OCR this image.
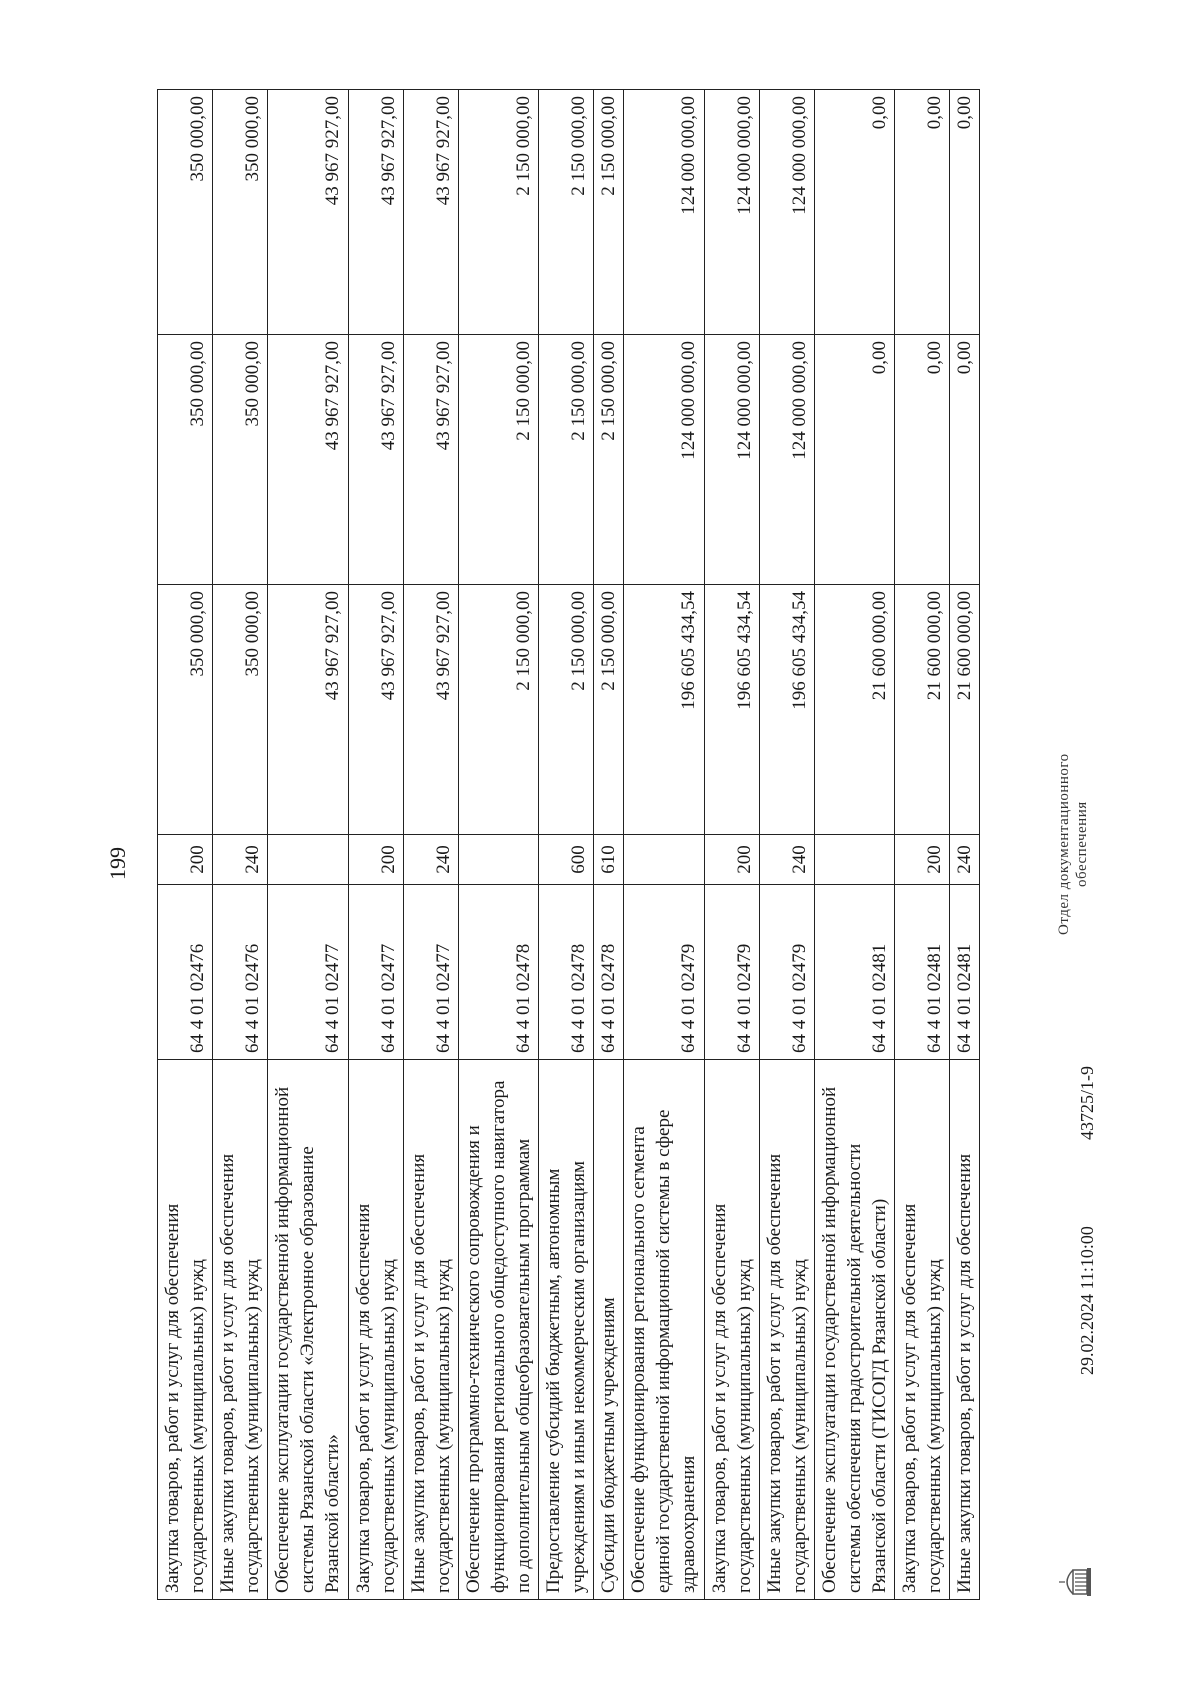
199
Закупка товаров, работ и услуг для обеспечения государственных (муниципальных) нужд	64 4 01 02476	200	350 000,00	350 000,00	350 000,00
Иные закупки товаров, работ и услуг для обеспечения государственных (муниципальных) нужд	64 4 01 02476	240	350 000,00	350 000,00	350 000,00
Обеспечение эксплуатации государственной информационной системы Рязанской области «Электронное образование Рязанской области»	64 4 01 02477		43 967 927,00	43 967 927,00	43 967 927,00
Закупка товаров, работ и услуг для обеспечения государственных (муниципальных) нужд	64 4 01 02477	200	43 967 927,00	43 967 927,00	43 967 927,00
Иные закупки товаров, работ и услуг для обеспечения государственных (муниципальных) нужд	64 4 01 02477	240	43 967 927,00	43 967 927,00	43 967 927,00
Обеспечение программно-технического сопровождения и функционирования регионального общедоступного навигатора по дополнительным общеобразовательным программам	64 4 01 02478		2 150 000,00	2 150 000,00	2 150 000,00
Предоставление субсидий бюджетным, автономным учреждениям и иным некоммерческим организациям	64 4 01 02478	600	2 150 000,00	2 150 000,00	2 150 000,00
Субсидии бюджетным учреждениям	64 4 01 02478	610	2 150 000,00	2 150 000,00	2 150 000,00
Обеспечение функционирования регионального сегмента единой государственной информационной системы в сфере здравоохранения	64 4 01 02479		196 605 434,54	124 000 000,00	124 000 000,00
Закупка товаров, работ и услуг для обеспечения государственных (муниципальных) нужд	64 4 01 02479	200	196 605 434,54	124 000 000,00	124 000 000,00
Иные закупки товаров, работ и услуг для обеспечения государственных (муниципальных) нужд	64 4 01 02479	240	196 605 434,54	124 000 000,00	124 000 000,00
Обеспечение эксплуатации государственной информационной системы обеспечения градостроительной деятельности Рязанской области (ГИСОГД Рязанской области)	64 4 01 02481		21 600 000,00	0,00	0,00
Закупка товаров, работ и услуг для обеспечения государственных (муниципальных) нужд	64 4 01 02481	200	21 600 000,00	0,00	0,00
Иные закупки товаров, работ и услуг для обеспечения	64 4 01 02481	240	21 600 000,00	0,00	0,00
29.02.2024 11:10:00
43725/1-9
Отдел документационного обеспечения
